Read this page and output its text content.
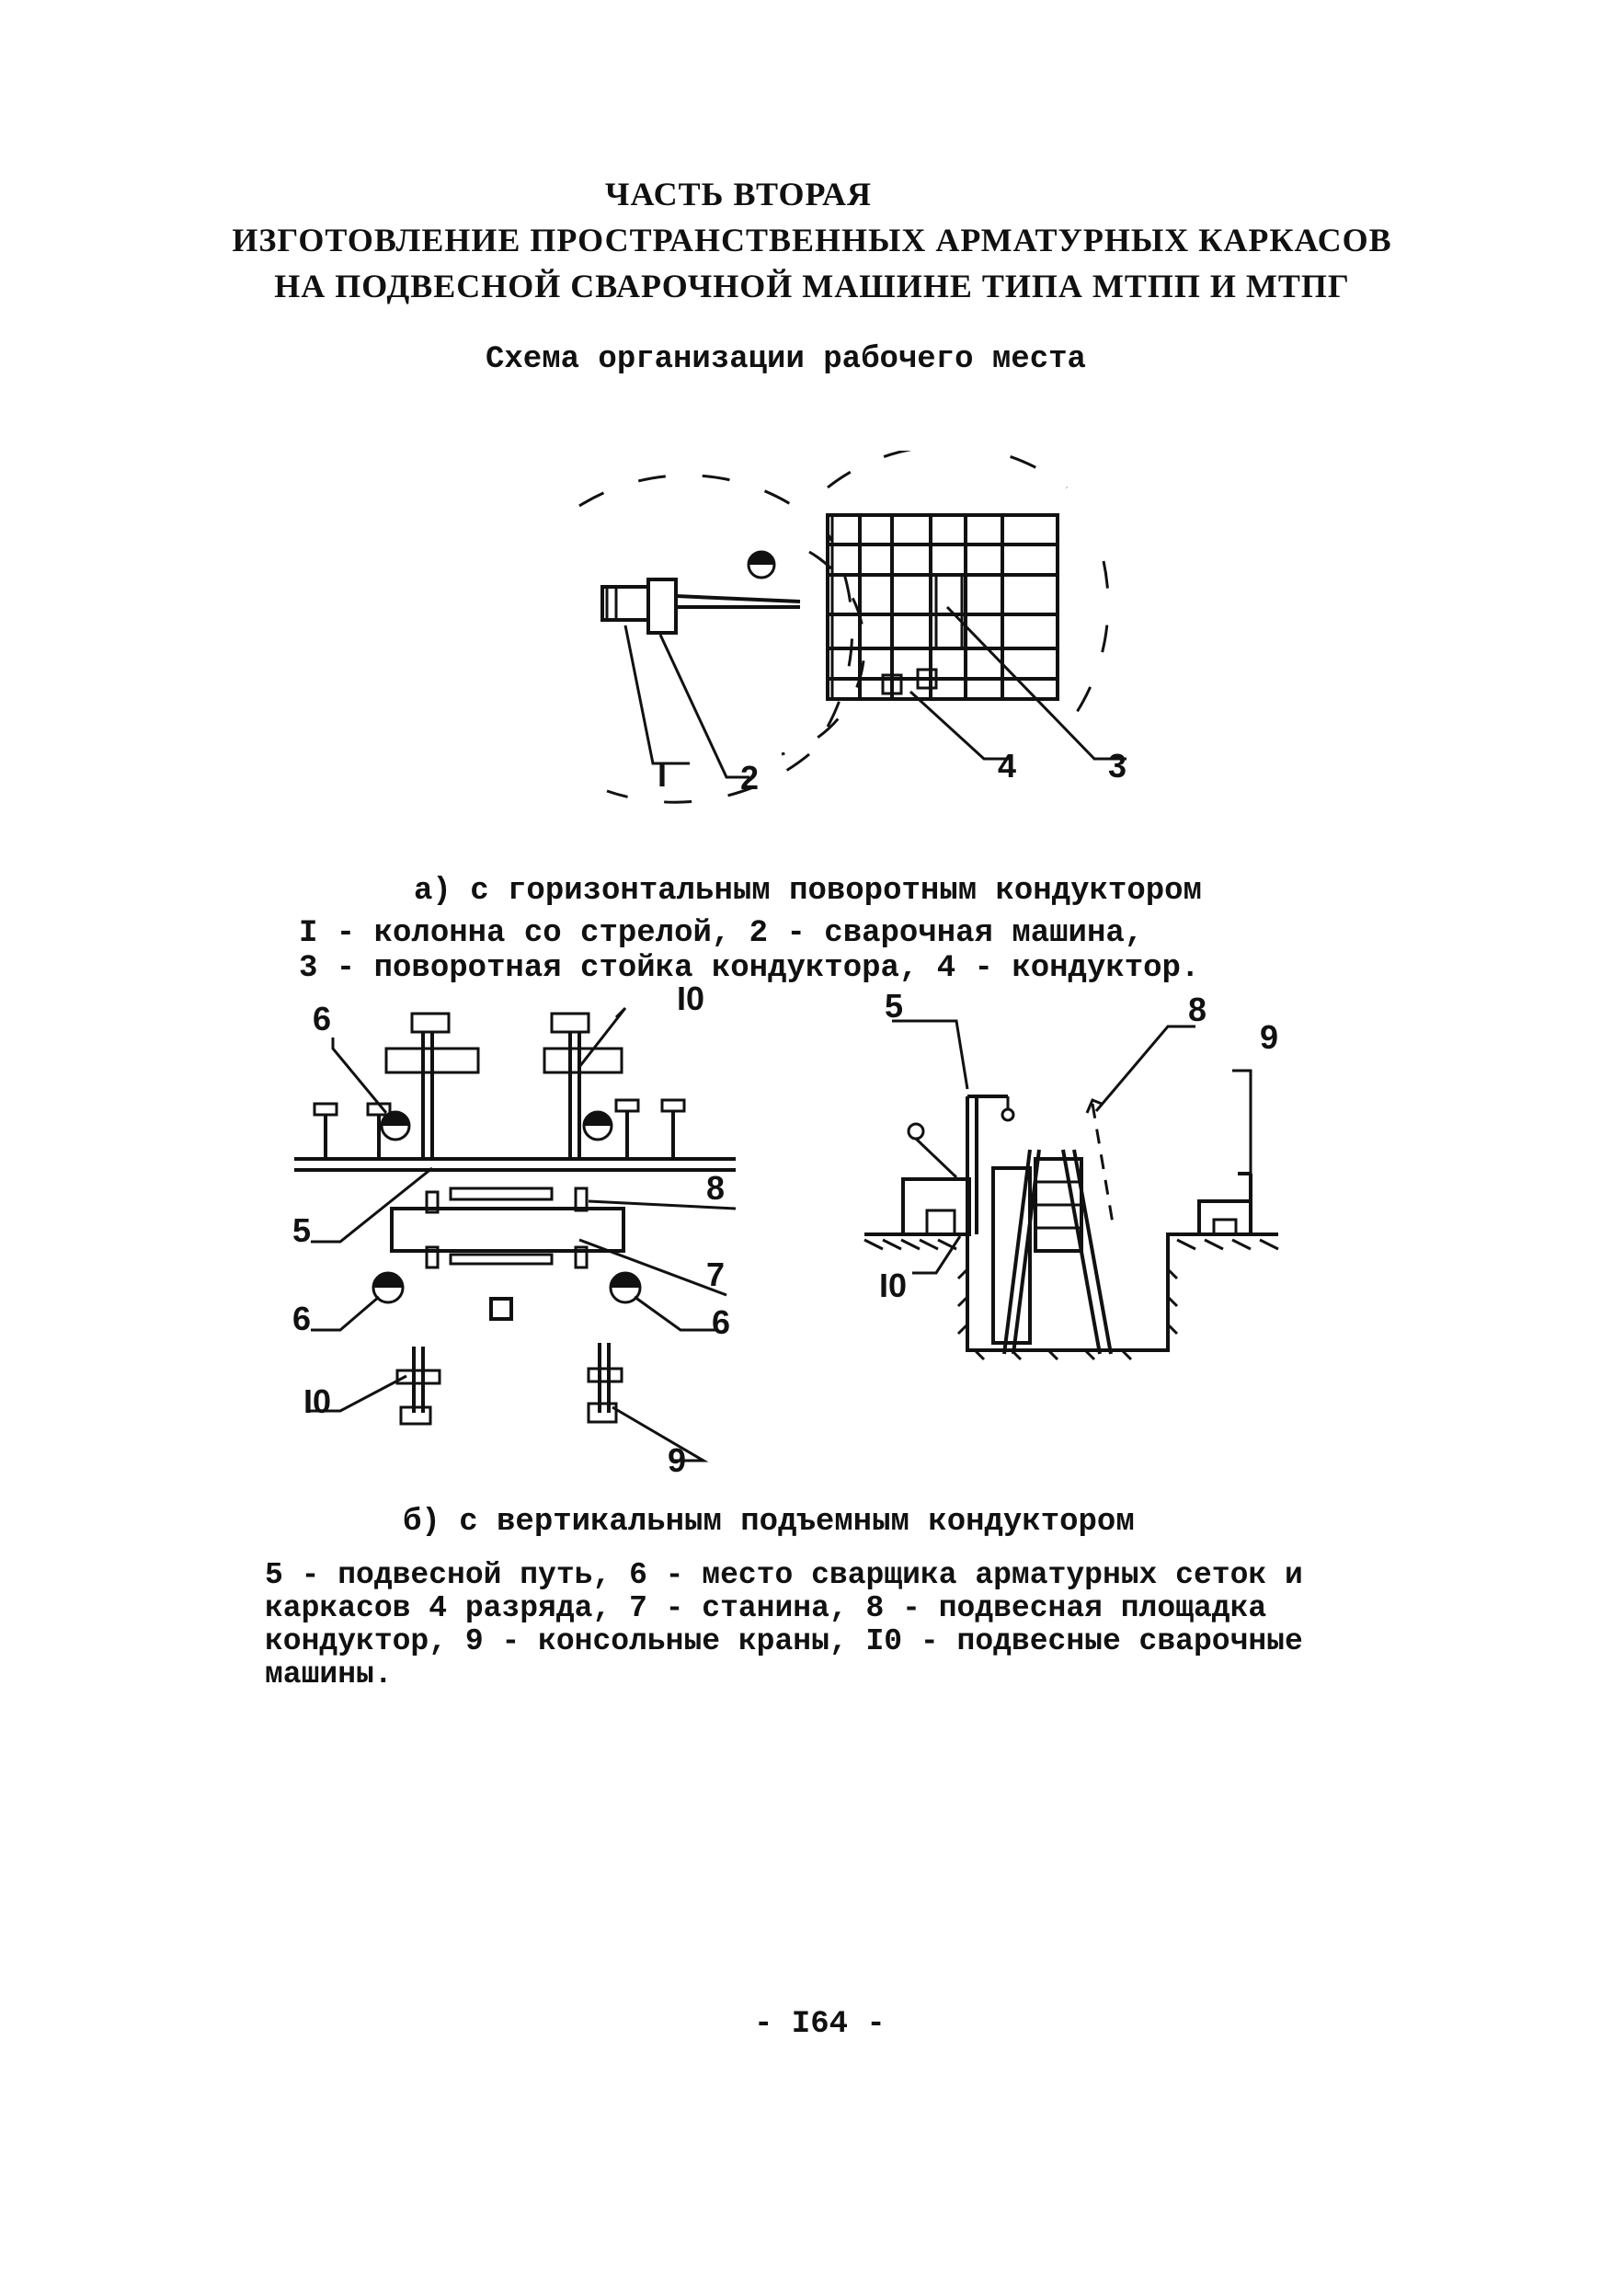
ЧАСТЬ ВТОРАЯ
ИЗГОТОВЛЕНИЕ ПРОСТРАНСТВЕННЫХ АРМАТУРНЫХ КАРКАСОВ
НА ПОДВЕСНОЙ СВАРОЧНОЙ МАШИНЕ ТИПА МТПП И МТПГ
Схема организации рабочего места
I 2	3
4
а) с горизонтальным поворотным кондуктором
I - колонна со стрелой, 2 - сварочная машина,
3 - поворотная стойка кондуктора, 4 - кондуктор.
6
I0
5
8
7
6	6
I0
9
5	8
9
I0
б) с вертикальным подъемным кондуктором
5 - подвесной путь, 6 - место сварщика арматурных сеток и
каркасов 4 разряда, 7 - станина, 8 - подвесная площадка
кондуктор, 9 - консольные краны, I0 - подвесные сварочные
машины.
- I64 -
